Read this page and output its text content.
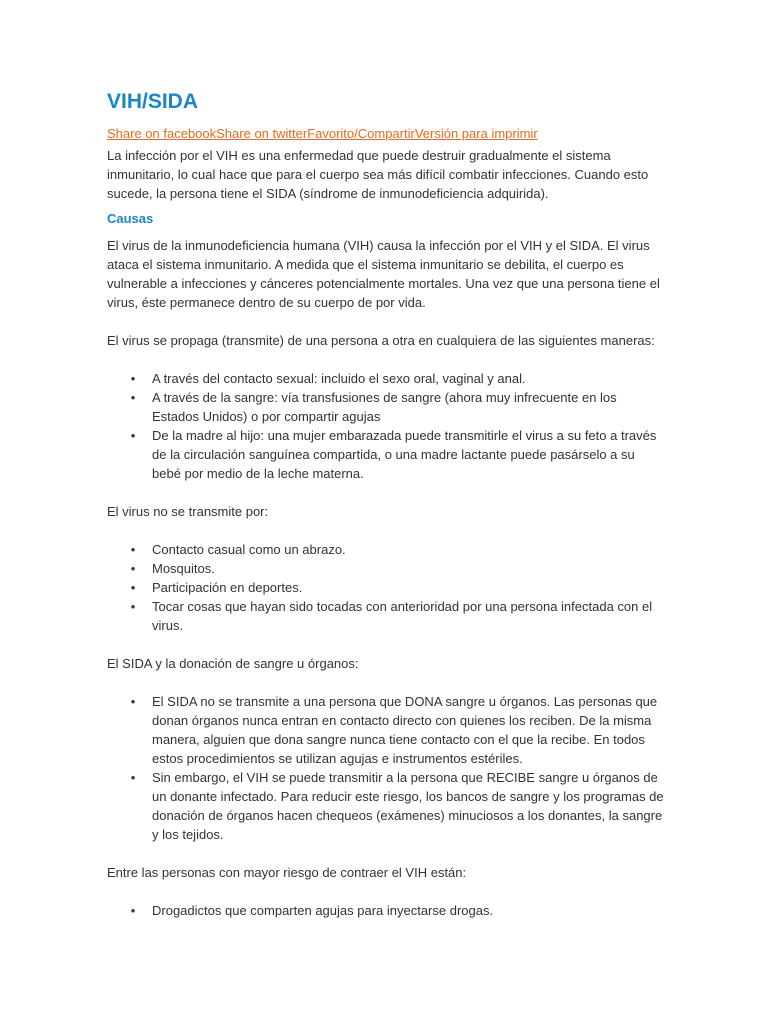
VIH/SIDA
Share on facebookShare on twitterFavorito/CompartirVersión para imprimir

La infección por el VIH es una enfermedad que puede destruir gradualmente el sistema inmunitario, lo cual hace que para el cuerpo sea más difícil combatir infecciones. Cuando esto sucede, la persona tiene el SIDA (síndrome de inmunodeficiencia adquirida).

Causas

El virus de la inmunodeficiencia humana (VIH) causa la infección por el VIH y el SIDA. El virus ataca el sistema inmunitario. A medida que el sistema inmunitario se debilita, el cuerpo es vulnerable a infecciones y cánceres potencialmente mortales. Una vez que una persona tiene el virus, éste permanece dentro de su cuerpo de por vida.

El virus se propaga (transmite) de una persona a otra en cualquiera de las siguientes maneras:

• A través del contacto sexual: incluido el sexo oral, vaginal y anal.
• A través de la sangre: vía transfusiones de sangre (ahora muy infrecuente en los Estados Unidos) o por compartir agujas
• De la madre al hijo: una mujer embarazada puede transmitirle el virus a su feto a través de la circulación sanguínea compartida, o una madre lactante puede pasárselo a su bebé por medio de la leche materna.

El virus no se transmite por:

• Contacto casual como un abrazo.
• Mosquitos.
• Participación en deportes.
• Tocar cosas que hayan sido tocadas con anterioridad por una persona infectada con el virus.

El SIDA y la donación de sangre u órganos:

• El SIDA no se transmite a una persona que DONA sangre u órganos. Las personas que donan órganos nunca entran en contacto directo con quienes los reciben. De la misma manera, alguien que dona sangre nunca tiene contacto con el que la recibe. En todos estos procedimientos se utilizan agujas e instrumentos estériles.
• Sin embargo, el VIH se puede transmitir a la persona que RECIBE sangre u órganos de un donante infectado. Para reducir este riesgo, los bancos de sangre y los programas de donación de órganos hacen chequeos (exámenes) minuciosos a los donantes, la sangre y los tejidos.

Entre las personas con mayor riesgo de contraer el VIH están:

• Drogadictos que comparten agujas para inyectarse drogas.
